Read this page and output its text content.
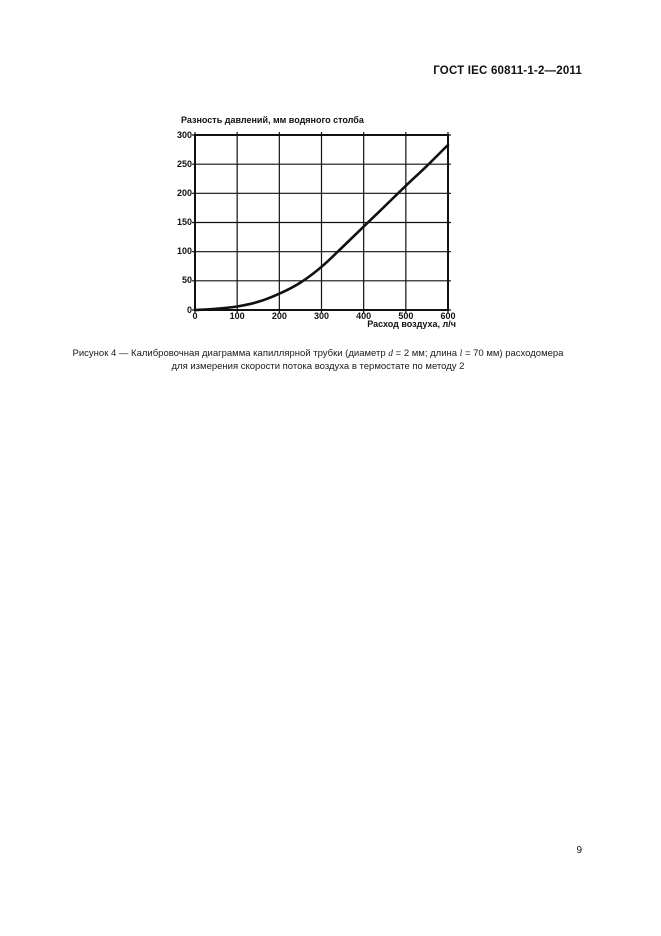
ГОСТ IEC 60811-1-2—2011
Разность давлений, мм водяного столба
0
50
100
150
200
250
300
0	100	200	300	400	500	600
Расход воздуха, л/ч
Рисунок 4 — Калибровочная диаграмма капиллярной трубки (диаметр d = 2 мм; длина l = 70 мм) расходомера
для измерения скорости потока воздуха в термостате по методу 2
9
